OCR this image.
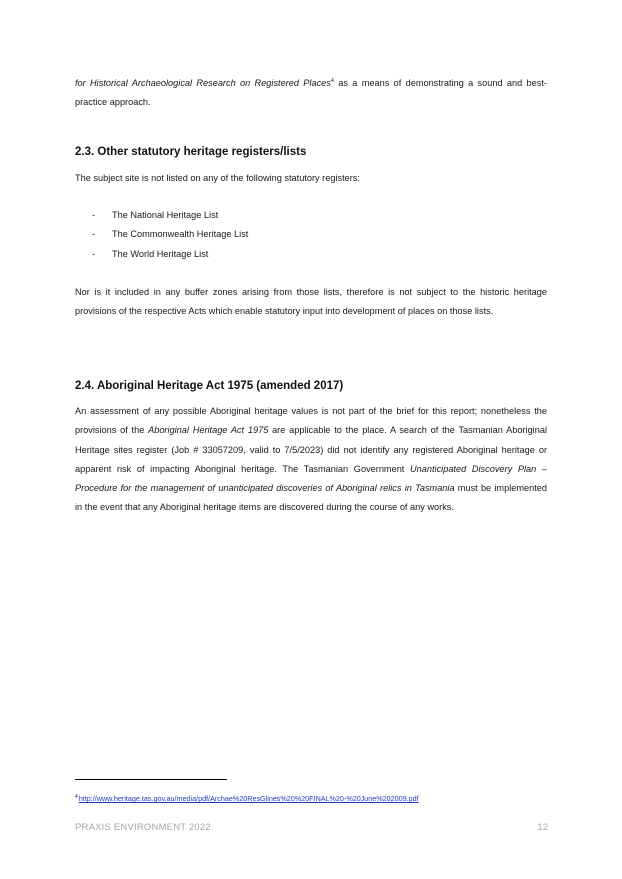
for Historical Archaeological Research on Registered Places$^4$ as a means of demonstrating a sound and best-practice approach.

2.3. Other statutory heritage registers/lists

The subject site is not listed on any of the following statutory registers:

- The National Heritage List
- The Commonwealth Heritage List
- The World Heritage List

Nor is it included in any buffer zones arising from those lists, therefore is not subject to the historic heritage provisions of the respective Acts which enable statutory input into development of places on those lists.

2.4. Aboriginal Heritage Act 1975 (amended 2017)

An assessment of any possible Aboriginal heritage values is not part of the brief for this report; nonetheless the provisions of the Aboriginal Heritage Act 1975 are applicable to the place. A search of the Tasmanian Aboriginal Heritage sites register (Job # 33057209, valid to 7/5/2023) did not identify any registered Aboriginal heritage or apparent risk of impacting Aboriginal heritage. The Tasmanian Government Unanticipated Discovery Plan – Procedure for the management of unanticipated discoveries of Aboriginal relics in Tasmania must be implemented in the event that any Aboriginal heritage items are discovered during the course of any works.

$^4$http://www.heritage.tas.gov.au/media/pdf/Archae%20ResGlines%20%20FINAL%20-%20June%202009.pdf
PRAXIS ENVIRONMENT 2022	12
